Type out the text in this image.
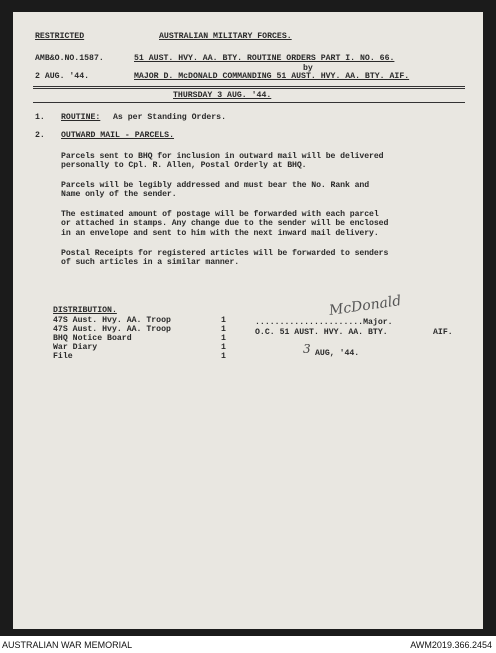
RESTRICTED	AUSTRALIAN MILITARY FORCES.
AMB&O.NO.1587.	51 AUST. HVY. AA. BTY. ROUTINE ORDERS PART I. NO. 66.
by
2 AUG. '44.	MAJOR D. McDONALD COMMANDING 51 AUST. HVY. AA. BTY. AIF.
THURSDAY 3 AUG. '44.
1. ROUTINE: As per Standing Orders.
2. OUTWARD MAIL - PARCELS.
Parcels sent to BHQ for inclusion in outward mail will be delivered
personally to Cpl. R. Allen, Postal Orderly at BHQ.
Parcels will be legibly addressed and must bear the No. Rank and
Name only of the sender.
The estimated amount of postage will be forwarded with each parcel
or attached in stamps. Any change due to the sender will be enclosed
in an envelope and sent to him with the next inward mail delivery.
Postal Receipts for registered articles will be forwarded to senders
of such articles in a similar manner.
DISTRIBUTION.
47S Aust. Hvy. AA. Troop	1
47S Aust. Hvy. AA. Troop	1
BHQ Notice Board	1
War Diary	1
File	1
McDonald
......................Major.
O.C. 51 AUST. HVY. AA. BTY.	AIF.
3 AUG, '44.
AUSTRALIAN WAR MEMORIAL	AWM2019.366.2454
